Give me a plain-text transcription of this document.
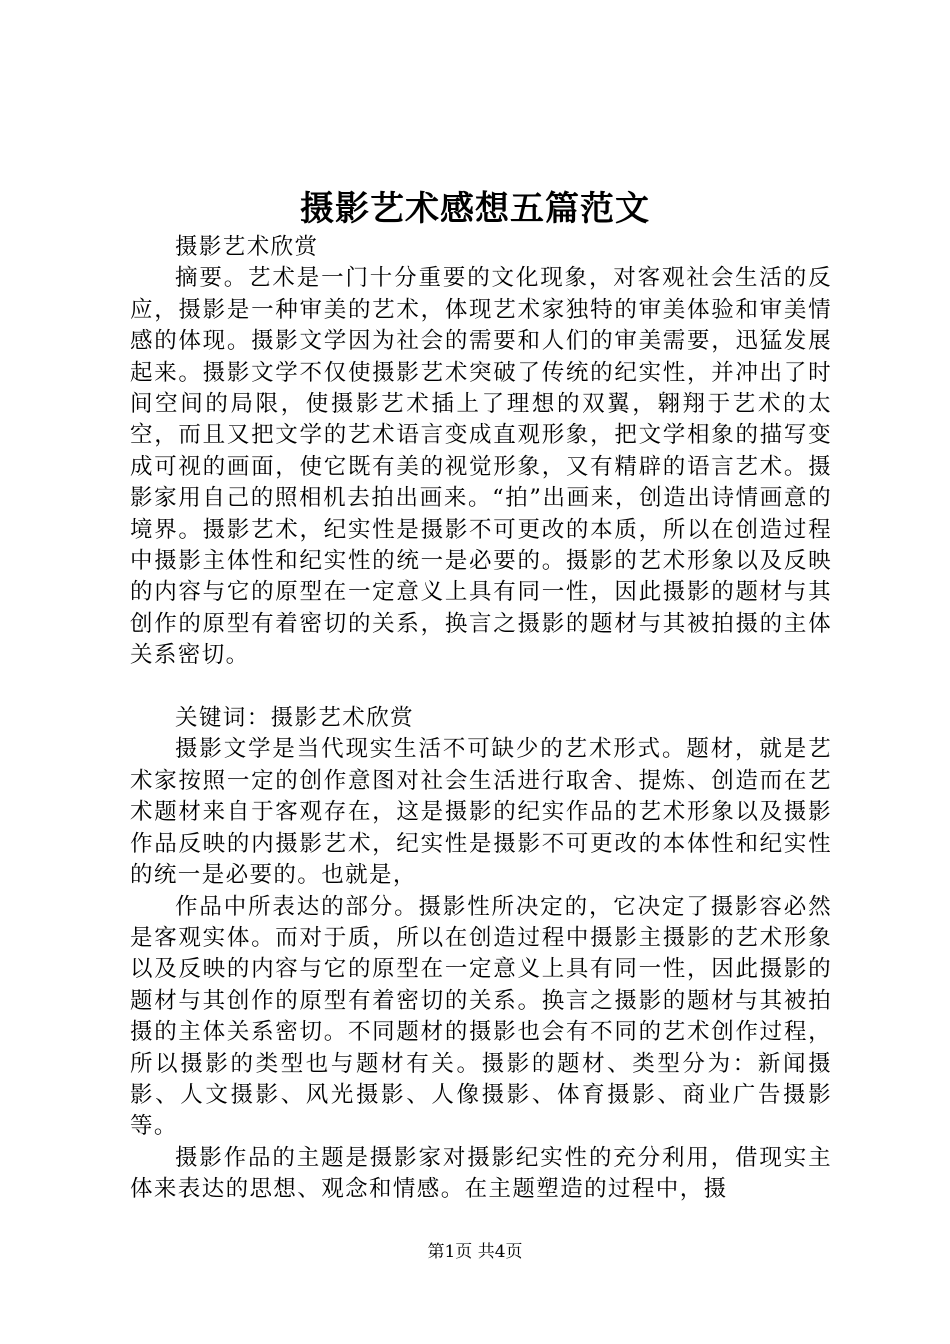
摄影艺术感想五篇范文

摄影艺术欣赏

摘要。艺术是一门十分重要的文化现象，对客观社会生活的反应，摄影是一种审美的艺术，体现艺术家独特的审美体验和审美情感的体现。摄影文学因为社会的需要和人们的审美需要，迅猛发展起来。摄影文学不仅使摄影艺术突破了传统的纪实性，并冲出了时间空间的局限，使摄影艺术插上了理想的双翼，翱翔于艺术的太空，而且又把文学的艺术语言变成直观形象，把文学相象的描写变成可视的画面，使它既有美的视觉形象，又有精辟的语言艺术。摄影家用自己的照相机去拍出画来。“拍”出画来，创造出诗情画意的境界。摄影艺术，纪实性是摄影不可更改的本质，所以在创造过程中摄影主体性和纪实性的统一是必要的。摄影的艺术形象以及反映的内容与它的原型在一定意义上具有同一性，因此摄影的题材与其创作的原型有着密切的关系，换言之摄影的题材与其被拍摄的主体关系密切。

关键词：摄影艺术欣赏

摄影文学是当代现实生活不可缺少的艺术形式。题材，就是艺术家按照一定的创作意图对社会生活进行取舍、提炼、创造而在艺术题材来自于客观存在，这是摄影的纪实作品的艺术形象以及摄影作品反映的内摄影艺术，纪实性是摄影不可更改的本体性和纪实性的统一是必要的。也就是，

作品中所表达的部分。摄影性所决定的，它决定了摄影容必然是客观实体。而对于质，所以在创造过程中摄影主摄影的艺术形象以及反映的内容与它的原型在一定意义上具有同一性，因此摄影的题材与其创作的原型有着密切的关系。换言之摄影的题材与其被拍摄的主体关系密切。不同题材的摄影也会有不同的艺术创作过程，所以摄影的类型也与题材有关。摄影的题材、类型分为：新闻摄影、人文摄影、风光摄影、人像摄影、体育摄影、商业广告摄影等。

摄影作品的主题是摄影家对摄影纪实性的充分利用，借现实主体来表达的思想、观念和情感。在主题塑造的过程中，摄

第1页 共4页
